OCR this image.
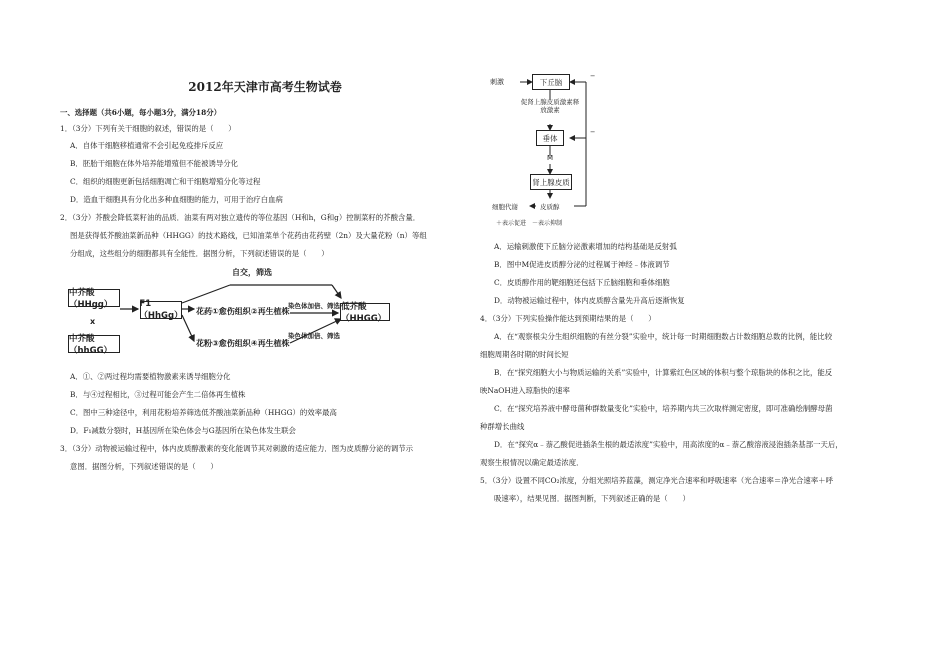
2012年天津市高考生物试卷
一、选择题（共6小题，每小题3分，满分18分）
1．（3分）下列有关干细胞的叙述，错误的是（　　）
A．自体干细胞移植通常不会引起免疫排斥反应
B．胚胎干细胞在体外培养能增殖但不能被诱导分化
C．组织的细胞更新包括细胞凋亡和干细胞增殖分化等过程
D．造血干细胞具有分化出多种血细胞的能力，可用于治疗白血病
2．（3分）芥酸会降低菜籽油的品质．油菜有两对独立遗传的等位基因（H和h，G和g）控制菜籽的芥酸含量．
图是获得低芥酸油菜新品种（HHGG）的技术路线，已知油菜单个花药由花药壁（2n）及大量花粉（n）等组
分组成，这些组分的细胞都具有全能性．据图分析，下列叙述错误的是（　　）
中芥酸（HHgg）
x
中芥酸（hhGG）
F1（HhGg）
自交，筛选
花药①愈伤组织②再生植株
花粉③愈伤组织④再生植株
染色体加倍、筛选
染色体加倍、筛选
低芥酸（HHGG）
A．①、②两过程均需要植物激素来诱导细胞分化
B．与④过程相比，③过程可能会产生二倍体再生植株
C．图中三种途径中，利用花粉培养筛选低芥酸油菜新品种（HHGG）的效率最高
D．F₁减数分裂时，H基因所在染色体会与G基因所在染色体发生联会
3．（3分）动物被运输过程中，体内皮质醇激素的变化能调节其对刺激的适应能力．图为皮质醇分泌的调节示
意图．据图分析，下列叙述错误的是（　　）
刺激	下丘脑
促肾上腺皮质激素释放激素
垂体
M
肾上腺皮质
细胞代谢	皮质醇
−
−
＋表示促进　－表示抑制
A．运输刺激使下丘脑分泌激素增加的结构基础是反射弧
B．图中M促进皮质醇分泌的过程属于神经﹣体液调节
C．皮质醇作用的靶细胞还包括下丘脑细胞和垂体细胞
D．动物被运输过程中，体内皮质醇含量先升高后逐渐恢复
4．（3分）下列实验操作能达到预期结果的是（　　）
A．在“观察根尖分生组织细胞的有丝分裂”实验中，统计每一时期细胞数占计数细胞总数的比例，能比较
细胞周期各时期的时间长短
B．在“探究细胞大小与物质运输的关系”实验中，计算紫红色区域的体积与整个琼脂块的体积之比，能反
映NaOH进入琼脂快的速率
C．在“探究培养液中酵母菌种群数量变化”实验中，培养期内共三次取样测定密度，即可准确绘制酵母菌
种群增长曲线
D．在“探究α﹣萘乙酸促进插条生根的最适浓度”实验中，用高浓度的α﹣萘乙酸溶液浸泡插条基部一天后，
观察生根情况以确定最适浓度．
5．（3分）设置不同CO₂浓度，分组光照培养蓝藻，测定净光合速率和呼吸速率（光合速率＝净光合速率＋呼
吸速率），结果见图．据图判断，下列叙述正确的是（　　）
